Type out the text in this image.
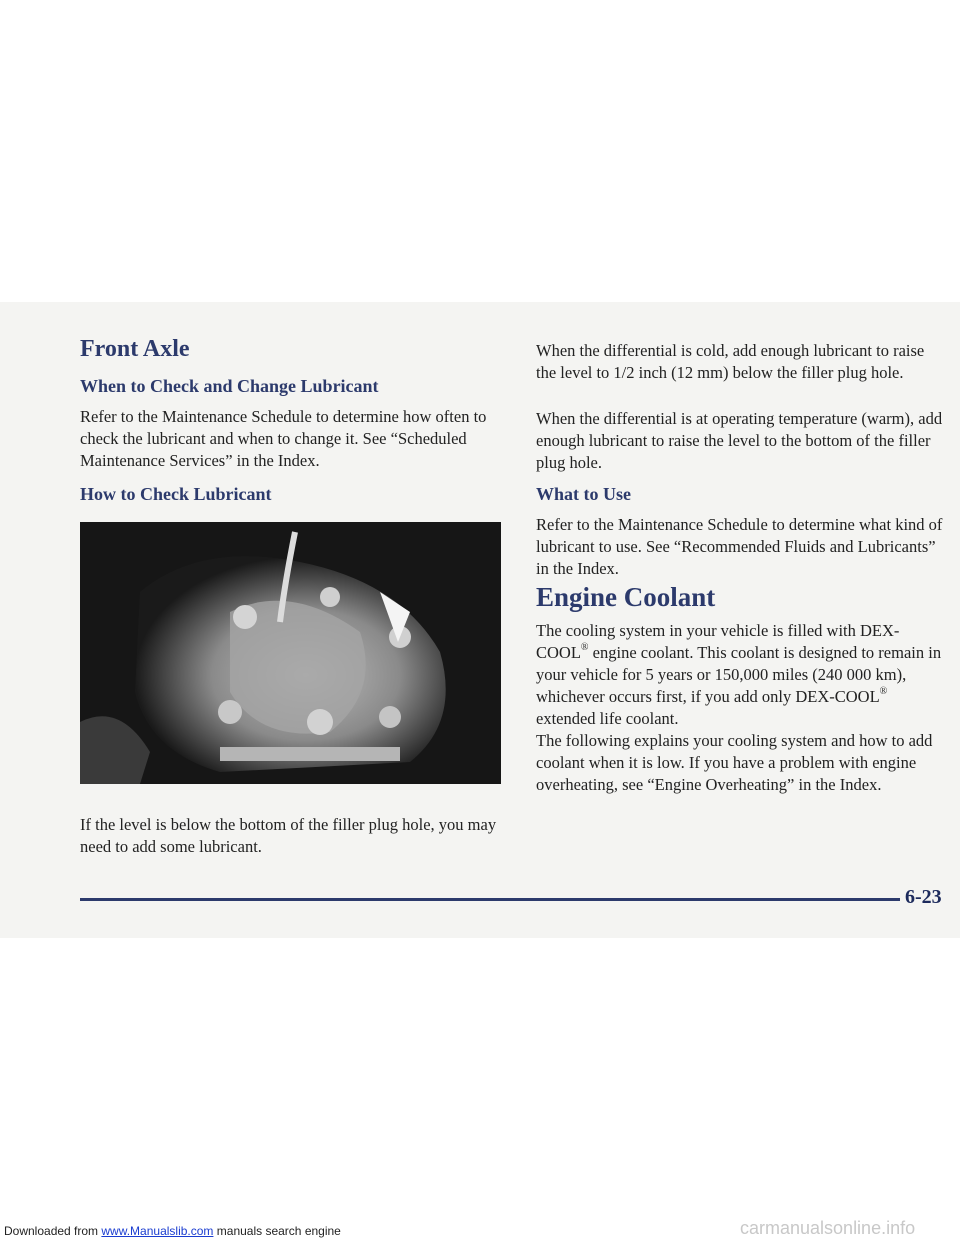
Front Axle
When to Check and Change Lubricant

Refer to the Maintenance Schedule to determine how often to check the lubricant and when to change it. See “Scheduled Maintenance Services” in the Index.

How to Check Lubricant

If the level is below the bottom of the filler plug hole, you may need to add some lubricant.

When the differential is cold, add enough lubricant to raise the level to 1/2 inch (12 mm) below the filler plug hole.

When the differential is at operating temperature (warm), add enough lubricant to raise the level to the bottom of the filler plug hole.

What to Use

Refer to the Maintenance Schedule to determine what kind of lubricant to use. See “Recommended Fluids and Lubricants” in the Index.

Engine Coolant

The cooling system in your vehicle is filled with DEX-COOL® engine coolant. This coolant is designed to remain in your vehicle for 5 years or 150,000 miles (240 000 km), whichever occurs first, if you add only DEX-COOL® extended life coolant.

The following explains your cooling system and how to add coolant when it is low. If you have a problem with engine overheating, see “Engine Overheating” in the Index.

6-23
Downloaded from www.Manualslib.com manuals search engine	carmanualsonline.info
